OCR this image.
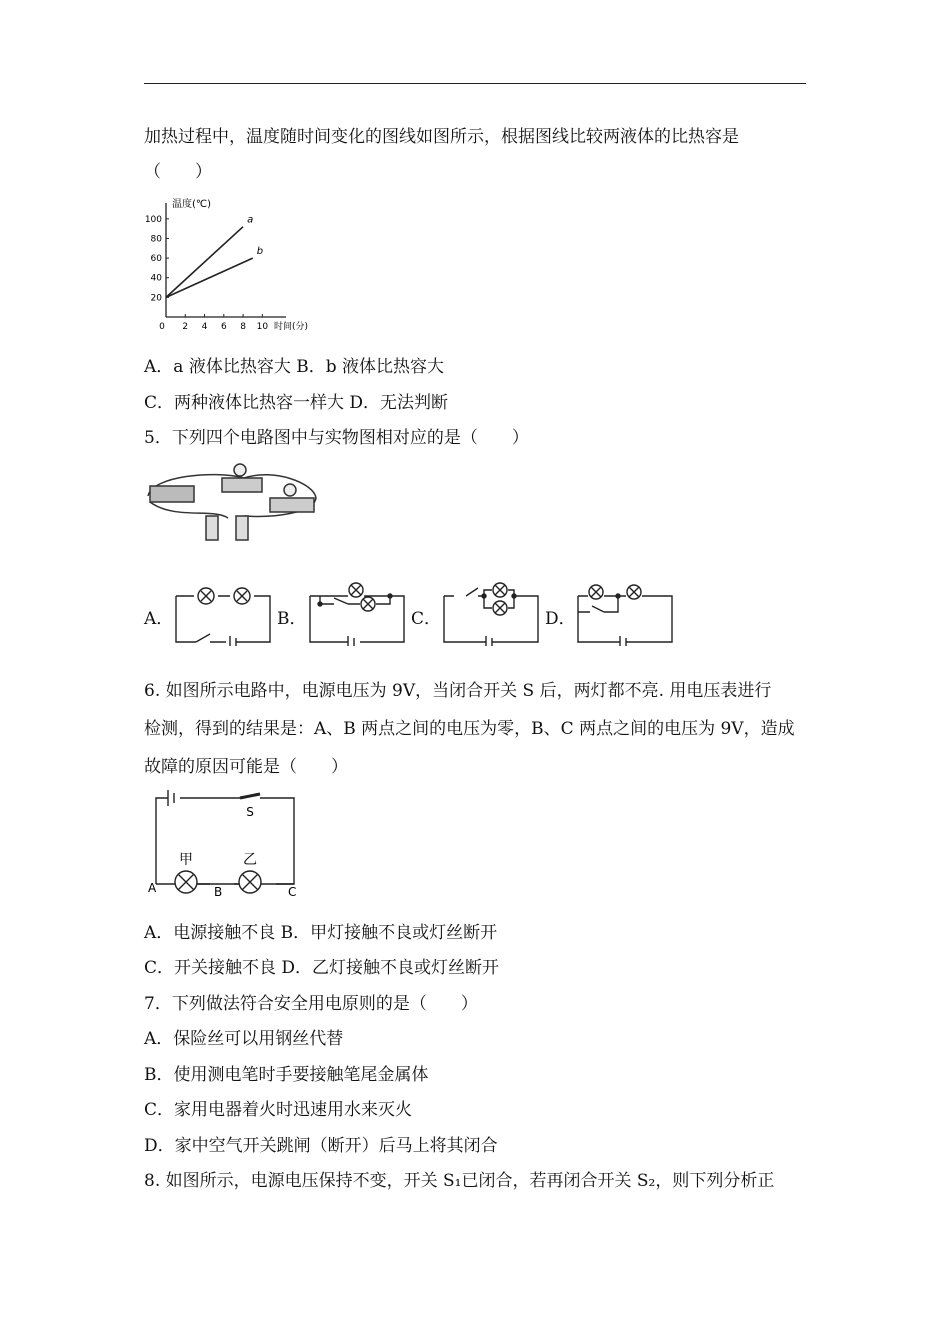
加热过程中，温度随时间变化的图线如图所示，根据图线比较两液体的比热容是
（　　）
0 2 4 6 8 10
20
40
60
80
100
温度(℃)
时间(分)
a
b
A．a 液体比热容大 B．b 液体比热容大
C．两种液体比热容一样大 D．无法判断
5．下列四个电路图中与实物图相对应的是（　　）
A．	B．	C．	D．
6. 如图所示电路中，电源电压为 9V，当闭合开关 S 后，两灯都不亮. 用电压表进行
检测，得到的结果是：A、B 两点之间的电压为零，B、C 两点之间的电压为 9V，造成
故障的原因可能是（　　）
S
甲	乙
A	B	C
A．电源接触不良 B．甲灯接触不良或灯丝断开
C．开关接触不良 D．乙灯接触不良或灯丝断开
7．下列做法符合安全用电原则的是（　　）
A．保险丝可以用钢丝代替
B．使用测电笔时手要接触笔尾金属体
C．家用电器着火时迅速用水来灭火
D．家中空气开关跳闸（断开）后马上将其闭合
8. 如图所示，电源电压保持不变，开关 S₁已闭合，若再闭合开关 S₂，则下列分析正
